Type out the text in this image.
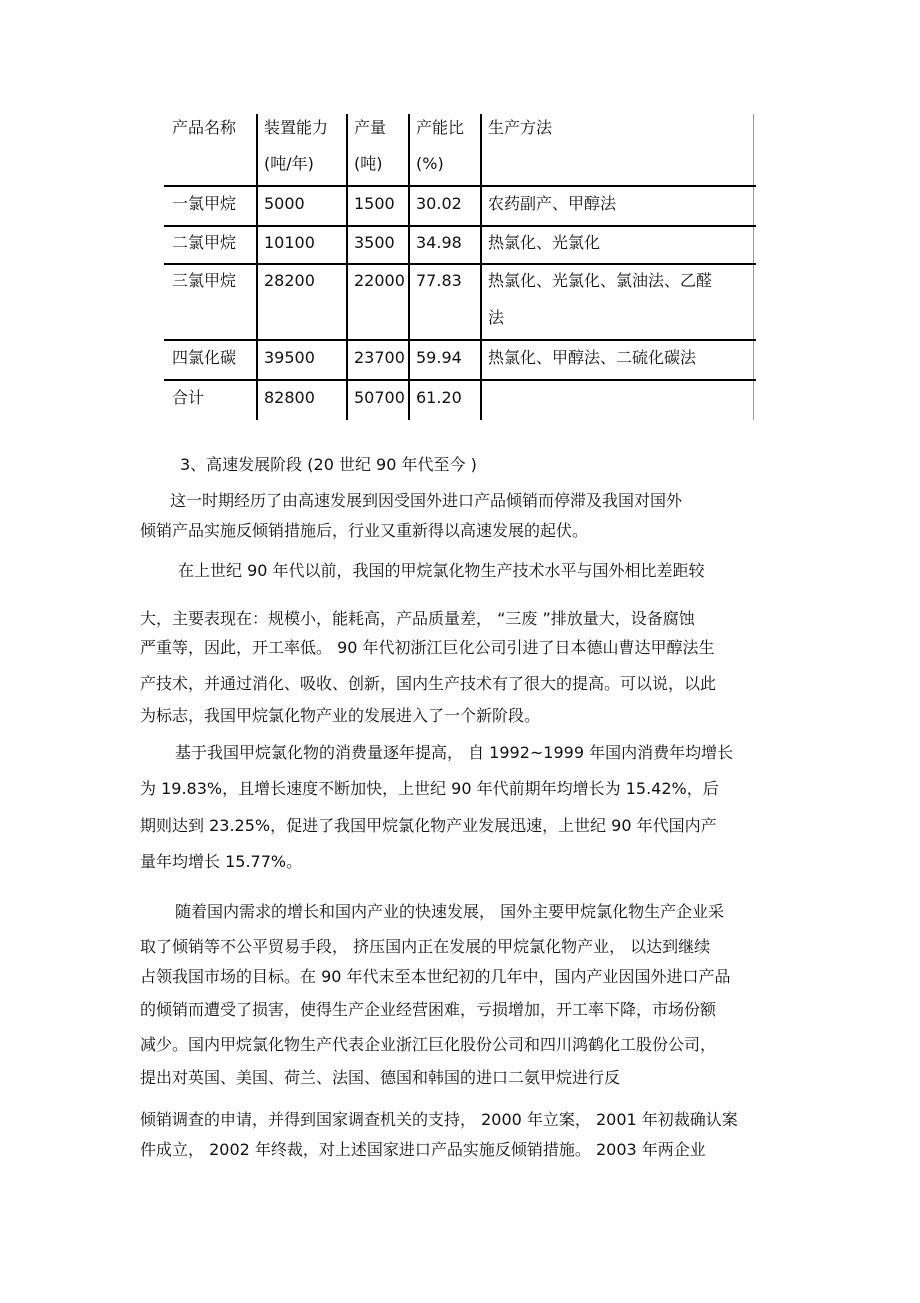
产品名称 装置能力
(吨/年)
产量
(吨)
产能比
(%)
生产方法
一氯甲烷 5000	1500 30.02 农药副产、甲醇法
二氯甲烷 10100 3500 34.98 热氯化、光氯化
三氯甲烷 28200 22000 77.83 热氯化、光氯化、氯油法、乙醛
法
四氯化碳 39500 23700 59.94 热氯化、甲醇法、二硫化碳法
合计	82800 50700 61.20
3、高速发展阶段 (20 世纪 90 年代至今 )
这一时期经历了由高速发展到因受国外进口产品倾销而停滞及我国对国外
倾销产品实施反倾销措施后，行业又重新得以高速发展的起伏。
在上世纪 90 年代以前，我国的甲烷氯化物生产技术水平与国外相比差距较
大，主要表现在：规模小，能耗高，产品质量差， “三废 ”排放量大，设备腐蚀
严重等，因此，开工率低。 90 年代初浙江巨化公司引进了日本德山曹达甲醇法生
产技术，并通过消化、吸收、创新，国内生产技术有了很大的提高。可以说，以此
为标志，我国甲烷氯化物产业的发展进入了一个新阶段。
基于我国甲烷氯化物的消费量逐年提高， 自 1992~1999 年国内消费年均增长
为 19.83%，且增长速度不断加快，上世纪 90 年代前期年均增长为 15.42%，后
期则达到 23.25%，促进了我国甲烷氯化物产业发展迅速，上世纪 90 年代国内产
量年均增长 15.77%。
随着国内需求的增长和国内产业的快速发展， 国外主要甲烷氯化物生产企业采
取了倾销等不公平贸易手段， 挤压国内正在发展的甲烷氯化物产业， 以达到继续
占领我国市场的目标。在 90 年代末至本世纪初的几年中，国内产业因国外进口产品
的倾销而遭受了损害，使得生产企业经营困难，亏损增加，开工率下降，市场份额
减少。国内甲烷氯化物生产代表企业浙江巨化股份公司和四川鸿鹤化工股份公司，
提出对英国、美国、荷兰、法国、德国和韩国的进口二氨甲烷进行反
倾销调查的申请，并得到国家调查机关的支持， 2000 年立案， 2001 年初裁确认案
件成立， 2002 年终裁，对上述国家进口产品实施反倾销措施。 2003 年两企业
